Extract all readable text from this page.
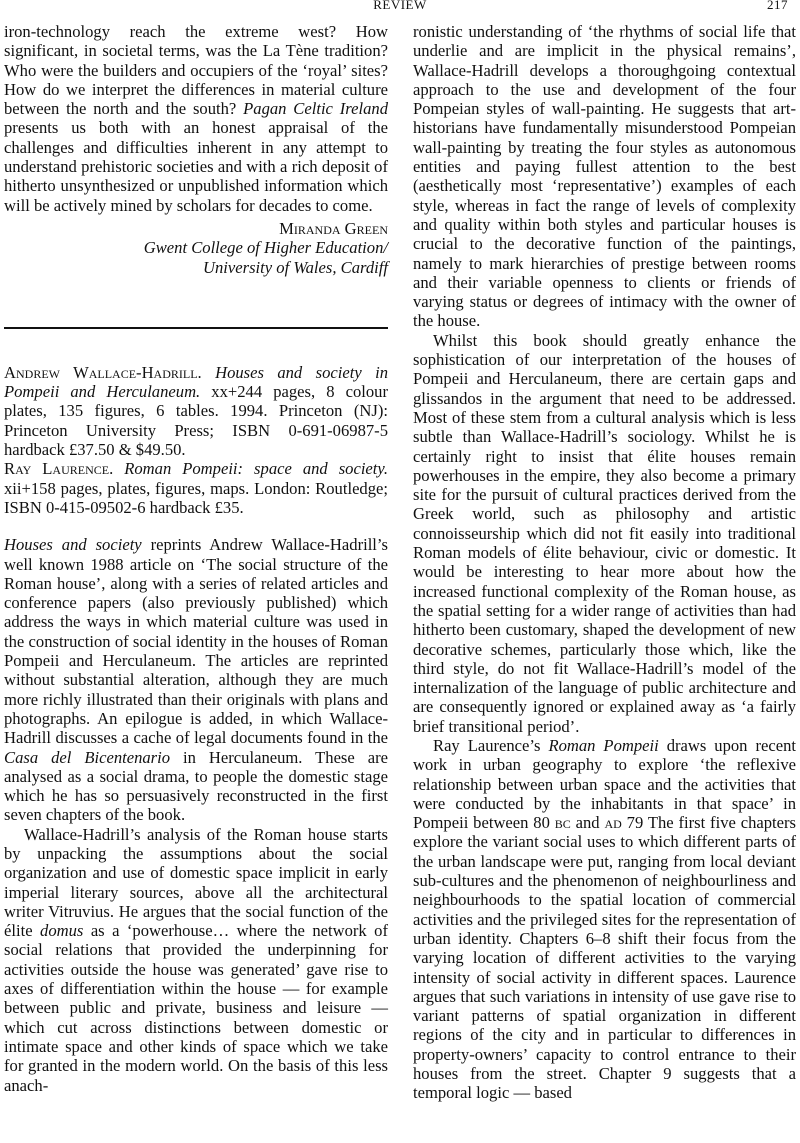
REVIEW	217

iron-technology reach the extreme west? How significant, in societal terms, was the La Tène tradition? Who were the builders and occupiers of the ‘royal’ sites? How do we interpret the differences in material culture between the north and the south? Pagan Celtic Ireland presents us both with an honest appraisal of the challenges and difficulties inherent in any attempt to understand prehistoric societies and with a rich deposit of hitherto unsynthesized or unpublished information which will be actively mined by scholars for decades to come.

Miranda Green

Gwent College of Higher Education/

University of Wales, Cardiff

Andrew Wallace-Hadrill. Houses and society in Pompeii and Herculaneum. xx+244 pages, 8 colour plates, 135 figures, 6 tables. 1994. Princeton (NJ): Princeton University Press; ISBN 0-691-06987-5 hardback £37.50 & $49.50.

Ray Laurence. Roman Pompeii: space and society. xii+158 pages, plates, figures, maps. London: Routledge; ISBN 0-415-09502-6 hardback £35.

Houses and society reprints Andrew Wallace-Hadrill’s well known 1988 article on ‘The social structure of the Roman house’, along with a series of related articles and conference papers (also previously published) which address the ways in which material culture was used in the construction of social identity in the houses of Roman Pompeii and Herculaneum. The articles are reprinted without substantial alteration, although they are much more richly illustrated than their originals with plans and photographs. An epilogue is added, in which Wallace-Hadrill discusses a cache of legal documents found in the Casa del Bicentenario in Herculaneum. These are analysed as a social drama, to people the domestic stage which he has so persuasively reconstructed in the first seven chapters of the book.

Wallace-Hadrill’s analysis of the Roman house starts by unpacking the assumptions about the social organization and use of domestic space implicit in early imperial literary sources, above all the architectural writer Vitruvius. He argues that the social function of the élite domus as a ‘powerhouse… where the network of social relations that provided the underpinning for activities outside the house was generated’ gave rise to axes of differentiation within the house — for example between public and private, business and leisure — which cut across distinctions between domestic or intimate space and other kinds of space which we take for granted in the modern world. On the basis of this less anach-

ronistic understanding of ‘the rhythms of social life that underlie and are implicit in the physical remains’, Wallace-Hadrill develops a thoroughgoing contextual approach to the use and development of the four Pompeian styles of wall-painting. He suggests that art-historians have fundamentally misunderstood Pompeian wall-painting by treating the four styles as autonomous entities and paying fullest attention to the best (aesthetically most ‘representative’) examples of each style, whereas in fact the range of levels of complexity and quality within both styles and particular houses is crucial to the decorative function of the paintings, namely to mark hierarchies of prestige between rooms and their variable openness to clients or friends of varying status or degrees of intimacy with the owner of the house.

Whilst this book should greatly enhance the sophistication of our interpretation of the houses of Pompeii and Herculaneum, there are certain gaps and glissandos in the argument that need to be addressed. Most of these stem from a cultural analysis which is less subtle than Wallace-Hadrill’s sociology. Whilst he is certainly right to insist that élite houses remain powerhouses in the empire, they also become a primary site for the pursuit of cultural practices derived from the Greek world, such as philosophy and artistic connoisseurship which did not fit easily into traditional Roman models of élite behaviour, civic or domestic. It would be interesting to hear more about how the increased functional complexity of the Roman house, as the spatial setting for a wider range of activities than had hitherto been customary, shaped the development of new decorative schemes, particularly those which, like the third style, do not fit Wallace-Hadrill’s model of the internalization of the language of public architecture and are consequently ignored or explained away as ‘a fairly brief transitional period’.

Ray Laurence’s Roman Pompeii draws upon recent work in urban geography to explore ‘the reflexive relationship between urban space and the activities that were conducted by the inhabitants in that space’ in Pompeii between 80 bc and ad 79 The first five chapters explore the variant social uses to which different parts of the urban landscape were put, ranging from local deviant sub-cultures and the phenomenon of neighbourliness and neighbourhoods to the spatial location of commercial activities and the privileged sites for the representation of urban identity. Chapters 6–8 shift their focus from the varying location of different activities to the varying intensity of social activity in different spaces. Laurence argues that such variations in intensity of use gave rise to variant patterns of spatial organization in different regions of the city and in particular to differences in property-owners’ capacity to control entrance to their houses from the street. Chapter 9 suggests that a temporal logic — based
